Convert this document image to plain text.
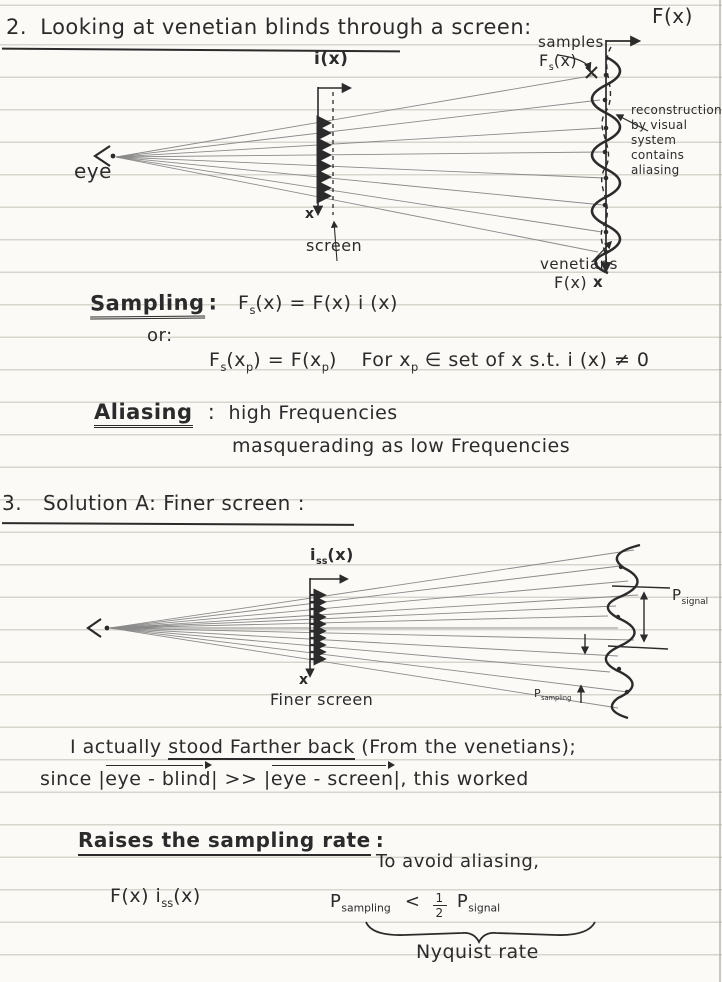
2. Looking at venetian blinds through a screen:	F(x)
samples
$F_s(x)$
i(x)
eye
x
screen
reconstruction
by visual
system
contains
aliasing
venetians
F(x) x
Sampling : $F_s(x) = F(x)$ i (x)
or:
$F_s(x_p) = F(x_p)$ For $x_p$ ∈ set of x s.t. i (x) ≠ 0
Aliasing : high Frequencies
masquerading as low Frequencies
3. Solution A: Finer screen :
$i_{ss}(x)$
x
Finer screen
$P_{signal}$
$P_{sampling}$
I actually stood Farther back (From the venetians);
since |eye - blind| >> |eye - screen|, this worked
Raises the sampling rate :
To avoid aliasing,
F(x) $i_{ss}(x)$	$P_{sampling} < \frac{1}{2} P_{signal}$
Nyquist rate
